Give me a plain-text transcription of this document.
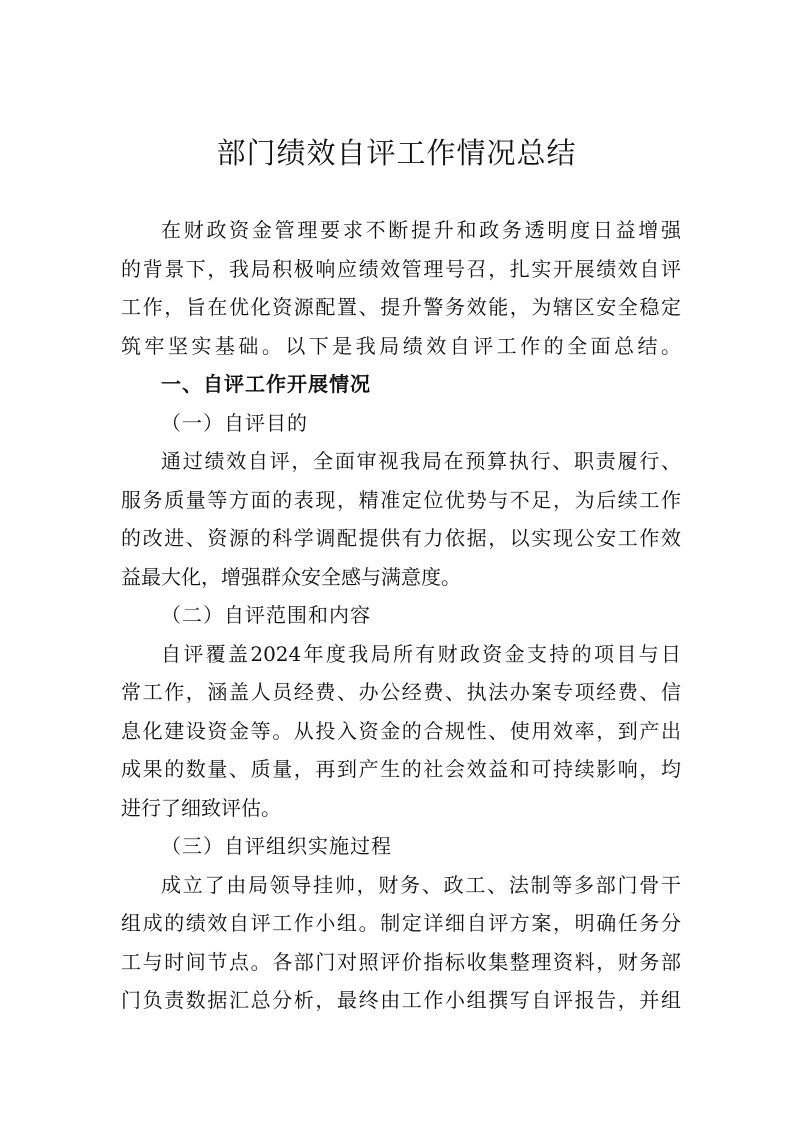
部门绩效自评工作情况总结
在财政资金管理要求不断提升和政务透明度日益增强
的背景下，我局积极响应绩效管理号召，扎实开展绩效自评
工作，旨在优化资源配置、提升警务效能，为辖区安全稳定
筑牢坚实基础。以下是我局绩效自评工作的全面总结。
一、自评工作开展情况
（一）自评目的
通过绩效自评，全面审视我局在预算执行、职责履行、
服务质量等方面的表现，精准定位优势与不足，为后续工作
的改进、资源的科学调配提供有力依据，以实现公安工作效
益最大化，增强群众安全感与满意度。
（二）自评范围和内容
自评覆盖2024年度我局所有财政资金支持的项目与日
常工作，涵盖人员经费、办公经费、执法办案专项经费、信
息化建设资金等。从投入资金的合规性、使用效率，到产出
成果的数量、质量，再到产生的社会效益和可持续影响，均
进行了细致评估。
（三）自评组织实施过程
成立了由局领导挂帅，财务、政工、法制等多部门骨干
组成的绩效自评工作小组。制定详细自评方案，明确任务分
工与时间节点。各部门对照评价指标收集整理资料，财务部
门负责数据汇总分析，最终由工作小组撰写自评报告，并组
